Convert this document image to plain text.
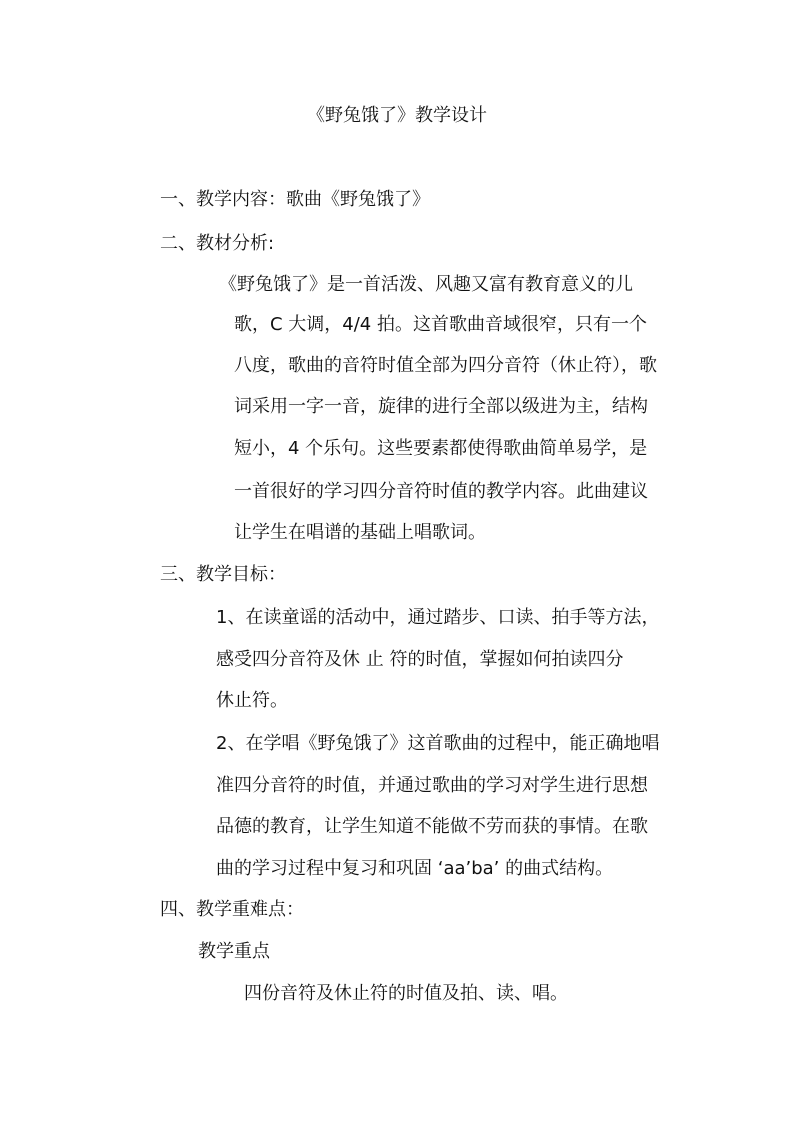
《野兔饿了》教学设计

一、教学内容：歌曲《野兔饿了》

二、教材分析:

《野兔饿了》是一首活泼、风趣又富有教育意义的儿

歌，C 大调，4/4 拍。这首歌曲音域很窄，只有一个

八度，歌曲的音符时值全部为四分音符（休止符），歌

词采用一字一音，旋律的进行全部以级进为主，结构

短小，4 个乐句。这些要素都使得歌曲简单易学，是

一首很好的学习四分音符时值的教学内容。此曲建议

让学生在唱谱的基础上唱歌词。

三、教学目标：

1、在读童谣的活动中，通过踏步、口读、拍手等方法，

感受四分音符及休 止 符的时值，掌握如何拍读四分

休止符。

2、在学唱《野兔饿了》这首歌曲的过程中，能正确地唱

准四分音符的时值，并通过歌曲的学习对学生进行思想

品德的教育，让学生知道不能做不劳而获的事情。在歌

曲的学习过程中复习和巩固 ‘aa’ba’ 的曲式结构。

四、教学重难点：

教学重点

四份音符及休止符的时值及拍、读、唱。
